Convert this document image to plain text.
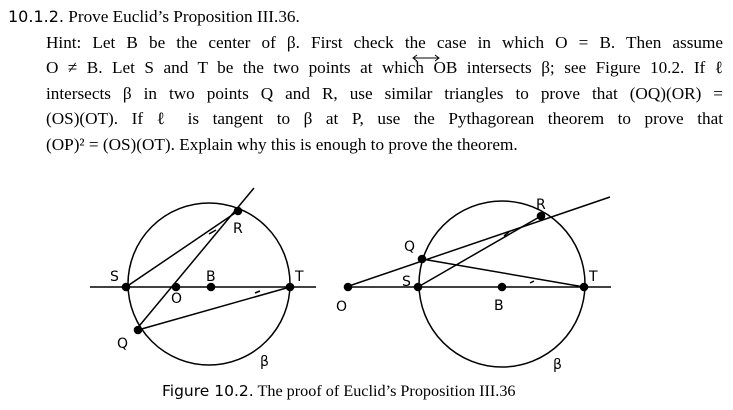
10.1.2. Prove Euclid’s Proposition III.36.
Hint: Let B be the center of β. First check the case in which O = B. Then assume
O ≠ B. Let S and T be the two points at which OB intersects β; see Figure 10.2. If ℓ
intersects β in two points Q and R, use similar triangles to prove that (OQ)(OR) =
(OS)(OT). If ℓ is tangent to β at P, use the Pythagorean theorem to prove that
(OP)² = (OS)(OT). Explain why this is enough to prove the theorem.
S
O
B	T
Q
R
β
Q
R
S
O	B
T
β
Figure 10.2. The proof of Euclid’s Proposition III.36
